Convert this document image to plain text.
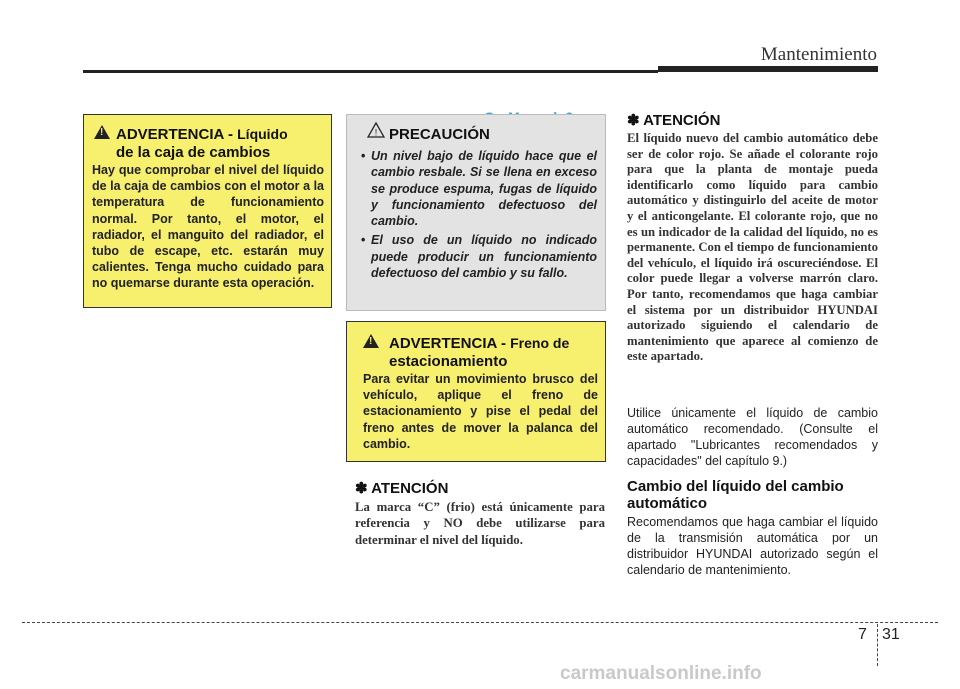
Mantenimiento
!
ADVERTENCIA - Líquido
de la caja de cambios
Hay que comprobar el nivel del líquido de la caja de cambios con el motor a la temperatura de funcionamiento normal. Por tanto, el motor, el radiador, el manguito del radiador, el tubo de escape, etc. estarán muy calientes. Tenga mucho cuidado para no quemarse durante esta operación.
! PRECAUCIÓN
• Un nivel bajo de líquido hace que el cambio resbale. Si se llena en exceso se produce espuma, fugas de líquido y funcionamiento defectuoso del cambio.
• El uso de un líquido no indicado puede producir un funcionamiento defectuoso del cambio y su fallo.
!
ADVERTENCIA - Freno de
estacionamiento
Para evitar un movimiento brusco del vehículo, aplique el freno de estacionamiento y pise el pedal del freno antes de mover la palanca del cambio.
✽ ATENCIÓN
La marca “C” (frio) está únicamente para referencia y NO debe utilizarse para determinar el nivel del líquido.
✽ ATENCIÓN
El líquido nuevo del cambio automático debe ser de color rojo. Se añade el colorante rojo para que la planta de montaje pueda identificarlo como líquido para cambio automático y distinguirlo del aceite de motor y el anticongelante. El colorante rojo, que no es un indicador de la calidad del líquido, no es permanente. Con el tiempo de funcionamiento del vehículo, el líquido irá oscureciéndose. El color puede llegar a volverse marrón claro. Por tanto, recomendamos que haga cambiar el sistema por un distribuidor HYUNDAI autorizado siguiendo el calendario de mantenimiento que aparece al comienzo de este apartado.
Utilice únicamente el líquido de cambio automático recomendado. (Consulte el apartado "Lubricantes recomendados y capacidades" del capítulo 9.)
Cambio del líquido del cambio automático
Recomendamos que haga cambiar el líquido de la transmisión automática por un distribuidor HYUNDAI autorizado según el calendario de mantenimiento.
7 31
carmanualsonline.info
